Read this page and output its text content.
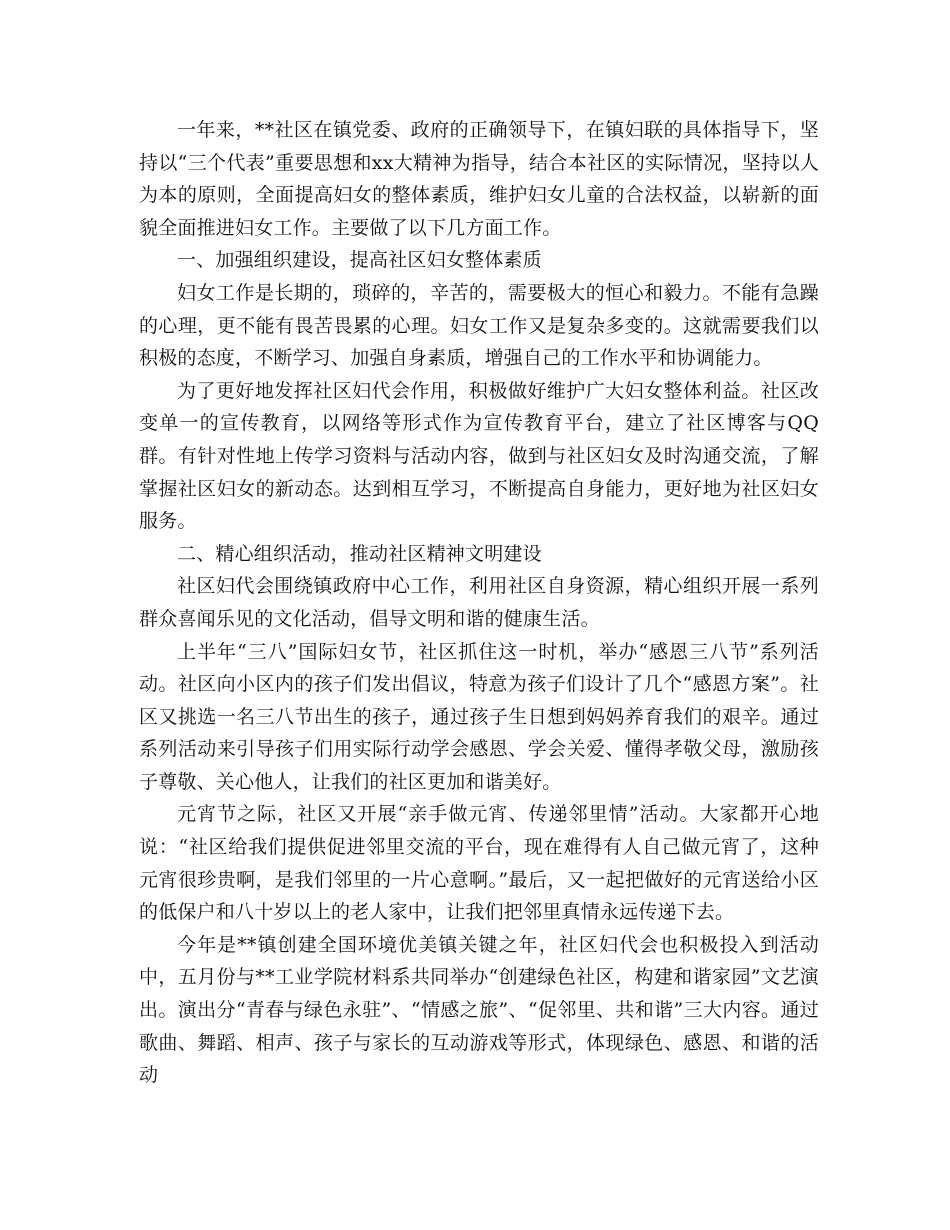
一年来，**社区在镇党委、政府的正确领导下，在镇妇联的具体指导下，坚持以“三个代表”重要思想和xx大精神为指导，结合本社区的实际情况，坚持以人为本的原则，全面提高妇女的整体素质，维护妇女儿童的合法权益，以崭新的面貌全面推进妇女工作。主要做了以下几方面工作。

一、加强组织建设，提高社区妇女整体素质

妇女工作是长期的，琐碎的，辛苦的，需要极大的恒心和毅力。不能有急躁的心理，更不能有畏苦畏累的心理。妇女工作又是复杂多变的。这就需要我们以积极的态度，不断学习、加强自身素质，增强自己的工作水平和协调能力。

为了更好地发挥社区妇代会作用，积极做好维护广大妇女整体利益。社区改变单一的宣传教育，以网络等形式作为宣传教育平台，建立了社区博客与QQ群。有针对性地上传学习资料与活动内容，做到与社区妇女及时沟通交流，了解掌握社区妇女的新动态。达到相互学习，不断提高自身能力，更好地为社区妇女服务。

二、精心组织活动，推动社区精神文明建设

社区妇代会围绕镇政府中心工作，利用社区自身资源，精心组织开展一系列群众喜闻乐见的文化活动，倡导文明和谐的健康生活。

上半年“三八”国际妇女节，社区抓住这一时机，举办“感恩三八节”系列活动。社区向小区内的孩子们发出倡议，特意为孩子们设计了几个“感恩方案”。社区又挑选一名三八节出生的孩子，通过孩子生日想到妈妈养育我们的艰辛。通过系列活动来引导孩子们用实际行动学会感恩、学会关爱、懂得孝敬父母，激励孩子尊敬、关心他人，让我们的社区更加和谐美好。

元宵节之际，社区又开展“亲手做元宵、传递邻里情”活动。大家都开心地说：“社区给我们提供促进邻里交流的平台，现在难得有人自己做元宵了，这种元宵很珍贵啊，是我们邻里的一片心意啊。”最后，又一起把做好的元宵送给小区的低保户和八十岁以上的老人家中，让我们把邻里真情永远传递下去。

今年是**镇创建全国环境优美镇关键之年，社区妇代会也积极投入到活动中，五月份与**工业学院材料系共同举办“创建绿色社区，构建和谐家园”文艺演出。演出分“青春与绿色永驻”、“情感之旅”、“促邻里、共和谐”三大内容。通过歌曲、舞蹈、相声、孩子与家长的互动游戏等形式，体现绿色、感恩、和谐的活动
